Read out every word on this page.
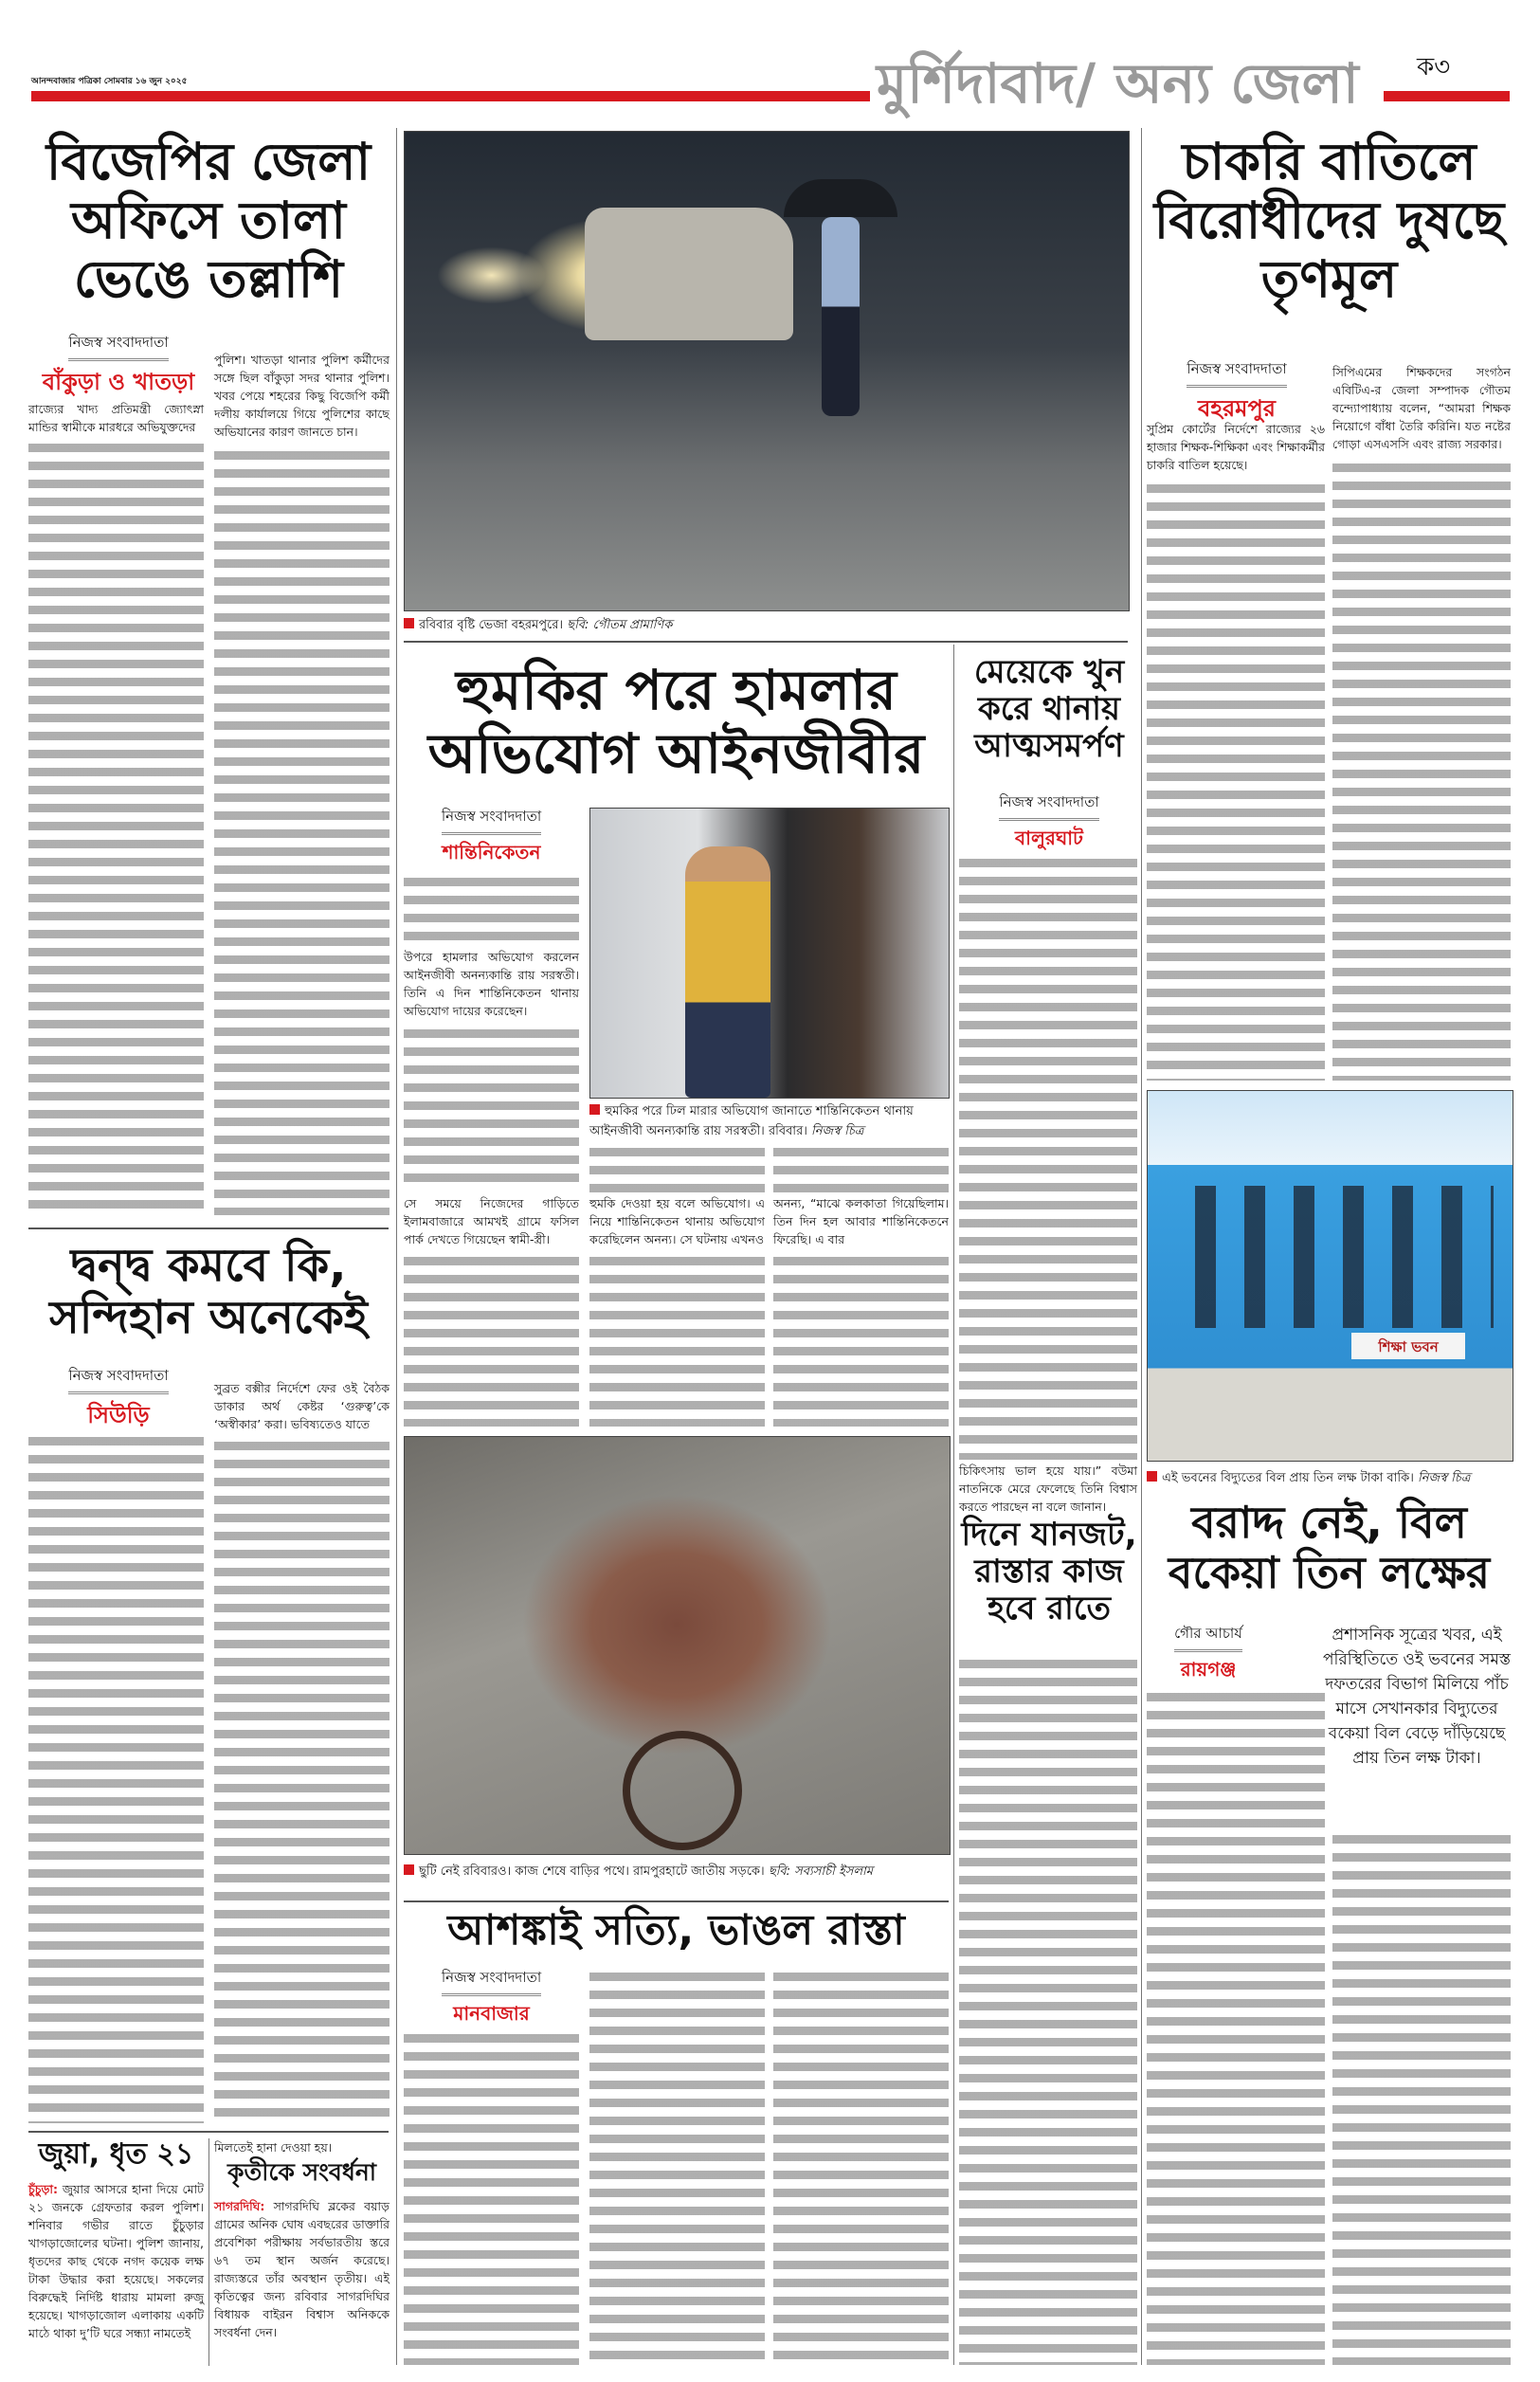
আনন্দবাজার পত্রিকা সোমবার ১৬ জুন ২০২৫	মুর্শিদাবাদ/ অন্য জেলা ক৩
বিজেপির জেলা অফিসে তালা ভেঙে তল্লাশি
নিজস্ব সংবাদদাতা
বাঁকুড়া ও খাতড়া
রাজ্যের খাদ্য প্রতিমন্ত্রী জ্যোৎস্না মান্ডির স্বামীকে মারধরে অভিযুক্তদের
পুলিশ। খাতড়া থানার পুলিশ কর্মীদের সঙ্গে ছিল বাঁকুড়া সদর থানার পুলিশ। খবর পেয়ে শহরের কিছু বিজেপি কর্মী দলীয় কার্যালয়ে গিয়ে পুলিশের কাছে অভিযানের কারণ জানতে চান।
দ্বন্দ্ব কমবে কি, সন্দিহান অনেকেই
নিজস্ব সংবাদদাতা
সিউড়ি
সুব্রত বক্সীর নির্দেশে ফের ওই বৈঠক ডাকার অর্থ কেষ্টর ‘গুরুত্ব’কে ‘অস্বীকার’ করা। ভবিষ্যতেও যাতে
জুয়া, ধৃত ২১
চুঁচুড়া: জুয়ার আসরে হানা দিয়ে মোট ২১ জনকে গ্রেফতার করল পুলিশ। শনিবার গভীর রাতে চুঁচুড়ার খাগড়াজোলের ঘটনা। পুলিশ জানায়, ধৃতদের কাছ থেকে নগদ কয়েক লক্ষ টাকা উদ্ধার করা হয়েছে। সকলের বিরুদ্ধেই নির্দিষ্ট ধারায় মামলা রুজু হয়েছে। খাগড়াজোল এলাকায় একটি মাঠে থাকা দু’টি ঘরে সন্ধ্যা নামতেই
মিলতেই হানা দেওয়া হয়।
কৃতীকে সংবর্ধনা
সাগরদিঘি: সাগরদিঘি ব্লকের বয়াড় গ্রামের অনিক ঘোষ এবছরের ডাক্তারি প্রবেশিকা পরীক্ষায় সর্বভারতীয় স্তরে ৬৭ তম স্থান অর্জন করেছে। রাজ্যস্তরে তাঁর অবস্থান তৃতীয়। এই কৃতিত্বের জন্য রবিবার সাগরদিঘির বিধায়ক বাইরন বিশ্বাস অনিককে সংবর্ধনা দেন।
রবিবার বৃষ্টি ভেজা বহরমপুরে। ছবি: গৌতম প্রামাণিক
হুমকির পরে হামলার অভিযোগ আইনজীবীর
নিজস্ব সংবাদদাতা
শান্তিনিকেতন
উপরে হামলার অভিযোগ করলেন আইনজীবী অনন্যকান্তি রায় সরস্বতী। তিনি এ দিন শান্তিনিকেতন থানায় অভিযোগ দায়ের করেছেন।
হুমকির পরে ঢিল মারার অভিযোগ জানাতে শান্তিনিকেতন থানায় আইনজীবী অনন্যকান্তি রায় সরস্বতী। রবিবার। নিজস্ব চিত্র
সে সময়ে নিজেদের গাড়িতে ইলামবাজারে আমখই গ্রামে ফসিল পার্ক দেখতে গিয়েছেন স্বামী-স্ত্রী।
হুমকি দেওয়া হয় বলে অভিযোগ। এ নিয়ে শান্তিনিকেতন থানায় অভিযোগ করেছিলেন অনন্য। সে ঘটনায় এখনও
অনন্য, “মাঝে কলকাতা গিয়েছিলাম। তিন দিন হল আবার শান্তিনিকেতনে ফিরেছি। এ বার
ছুটি নেই রবিবারও। কাজ শেষে বাড়ির পথে। রামপুরহাটে জাতীয় সড়কে। ছবি: সব্যসাচী ইসলাম
আশঙ্কাই সত্যি, ভাঙল রাস্তা
নিজস্ব সংবাদদাতা
মানবাজার
মেয়েকে খুন করে থানায় আত্মসমর্পণ
নিজস্ব সংবাদদাতা
বালুরঘাট
চিকিৎসায় ভাল হয়ে যায়।” বউমা নাতনিকে মেরে ফেলেছে তিনি বিশ্বাস করতে পারছেন না বলে জানান।
দিনে যানজট, রাস্তার কাজ হবে রাতে
চাকরি বাতিলে বিরোধীদের দুষছে তৃণমূল
নিজস্ব সংবাদদাতা
বহরমপুর
সুপ্রিম কোর্টের নির্দেশে রাজ্যের ২৬ হাজার শিক্ষক-শিক্ষিকা এবং শিক্ষাকর্মীর চাকরি বাতিল হয়েছে।
সিপিএমের শিক্ষকদের সংগঠন এবিটিএ-র জেলা সম্পাদক গৌতম বন্দ্যোপাধ্যায় বলেন, “আমরা শিক্ষক নিয়োগে বাঁধা তৈরি করিনি। যত নষ্টের গোড়া এসএসসি এবং রাজ্য সরকার।
শিক্ষা ভবন
এই ভবনের বিদ্যুতের বিল প্রায় তিন লক্ষ টাকা বাকি। নিজস্ব চিত্র
বরাদ্দ নেই, বিল বকেয়া তিন লক্ষের
গৌর আচার্য
রায়গঞ্জ
প্রশাসনিক সূত্রের খবর, এই পরিস্থিতিতে ওই ভবনের সমস্ত দফতরের বিভাগ মিলিয়ে পাঁচ মাসে সেখানকার বিদ্যুতের বকেয়া বিল বেড়ে দাঁড়িয়েছে প্রায় তিন লক্ষ টাকা।
